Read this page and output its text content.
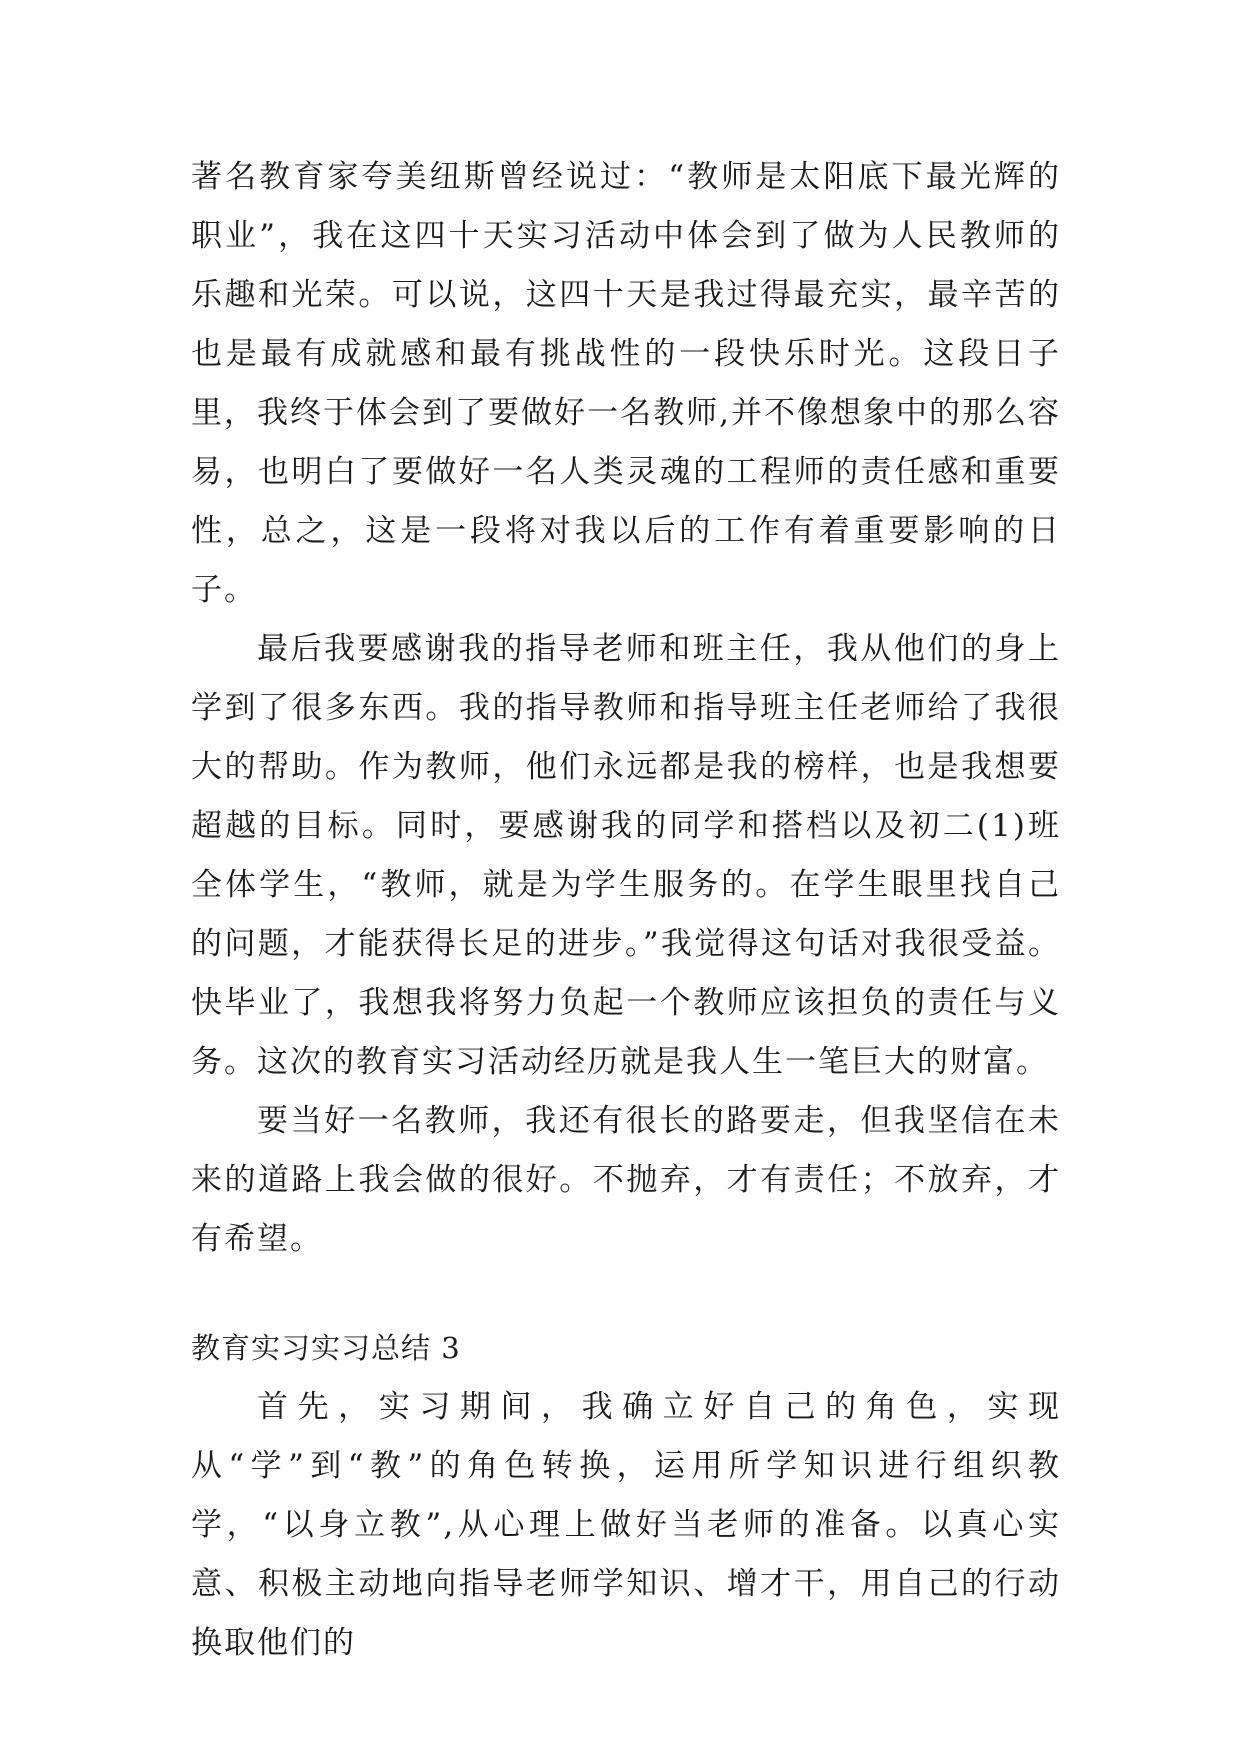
著名教育家夸美纽斯曾经说过：“教师是太阳底下最光辉的职业”，我在这四十天实习活动中体会到了做为人民教师的乐趣和光荣。可以说，这四十天是我过得最充实，最辛苦的也是最有成就感和最有挑战性的一段快乐时光。这段日子里，我终于体会到了要做好一名教师,并不像想象中的那么容易，也明白了要做好一名人类灵魂的工程师的责任感和重要性，总之，这是一段将对我以后的工作有着重要影响的日子。

最后我要感谢我的指导老师和班主任，我从他们的身上学到了很多东西。我的指导教师和指导班主任老师给了我很大的帮助。作为教师，他们永远都是我的榜样，也是我想要超越的目标。同时，要感谢我的同学和搭档以及初二(1)班全体学生，“教师，就是为学生服务的。在学生眼里找自己的问题，才能获得长足的进步。”我觉得这句话对我很受益。快毕业了，我想我将努力负起一个教师应该担负的责任与义务。这次的教育实习活动经历就是我人生一笔巨大的财富。

要当好一名教师，我还有很长的路要走，但我坚信在未来的道路上我会做的很好。不抛弃，才有责任；不放弃，才有希望。

教育实习实习总结 3

首先，实习期间，我确立好自己的角色，实现从“学”到“教”的角色转换，运用所学知识进行组织教学，“以身立教”,从心理上做好当老师的准备。以真心实意、积极主动地向指导老师学知识、增才干，用自己的行动换取他们的
